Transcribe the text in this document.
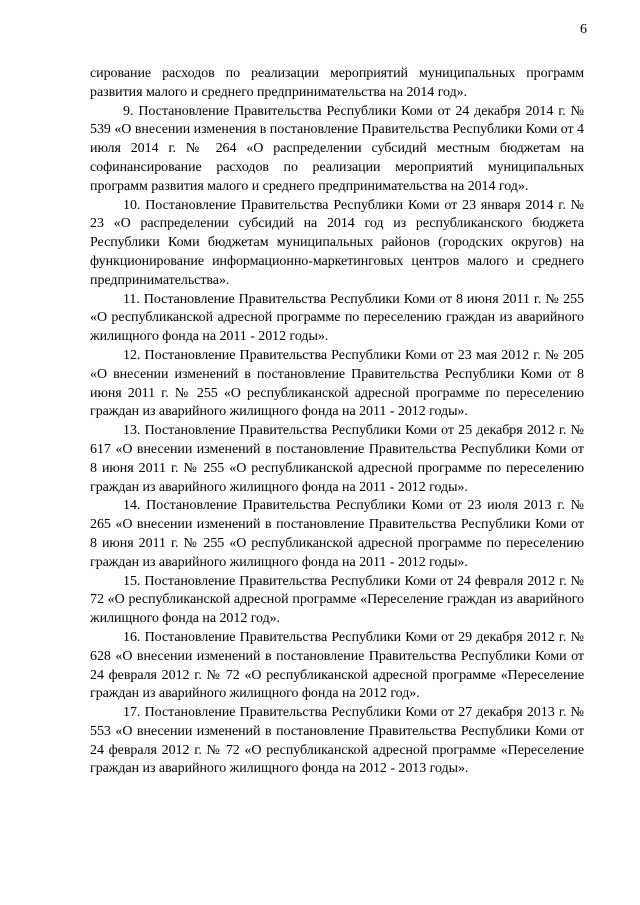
6

сирование расходов по реализации мероприятий муниципальных программ развития малого и среднего предпринимательства на 2014 год».

9. Постановление Правительства Республики Коми от 24 декабря 2014 г. № 539 «О внесении изменения в постановление Правительства Республики Коми от 4 июля 2014 г. № 264 «О распределении субсидий местным бюджетам на софинансирование расходов по реализации мероприятий муниципальных программ развития малого и среднего предпринимательства на 2014 год».

10. Постановление Правительства Республики Коми от 23 января 2014 г. № 23 «О распределении субсидий на 2014 год из республиканского бюджета Республики Коми бюджетам муниципальных районов (городских округов) на функционирование информационно-маркетинговых центров малого и среднего предпринимательства».

11. Постановление Правительства Республики Коми от 8 июня 2011 г. № 255 «О республиканской адресной программе по переселению граждан из аварийного жилищного фонда на 2011 - 2012 годы».

12. Постановление Правительства Республики Коми от 23 мая 2012 г. № 205 «О внесении изменений в постановление Правительства Республики Коми от 8 июня 2011 г. № 255 «О республиканской адресной программе по переселению граждан из аварийного жилищного фонда на 2011 - 2012 годы».

13. Постановление Правительства Республики Коми от 25 декабря 2012 г. № 617 «О внесении изменений в постановление Правительства Республики Коми от 8 июня 2011 г. № 255 «О республиканской адресной программе по переселению граждан из аварийного жилищного фонда на 2011 - 2012 годы».

14. Постановление Правительства Республики Коми от 23 июля 2013 г. № 265 «О внесении изменений в постановление Правительства Республики Коми от 8 июня 2011 г. № 255 «О республиканской адресной программе по переселению граждан из аварийного жилищного фонда на 2011 - 2012 годы».

15. Постановление Правительства Республики Коми от 24 февраля 2012 г. № 72 «О республиканской адресной программе «Переселение граждан из аварийного жилищного фонда на 2012 год».

16. Постановление Правительства Республики Коми от 29 декабря 2012 г. № 628 «О внесении изменений в постановление Правительства Республики Коми от 24 февраля 2012 г. № 72 «О республиканской адресной программе «Переселение граждан из аварийного жилищного фонда на 2012 год».

17. Постановление Правительства Республики Коми от 27 декабря 2013 г. № 553 «О внесении изменений в постановление Правительства Республики Коми от 24 февраля 2012 г. № 72 «О республиканской адресной программе «Переселение граждан из аварийного жилищного фонда на 2012 - 2013 годы».
